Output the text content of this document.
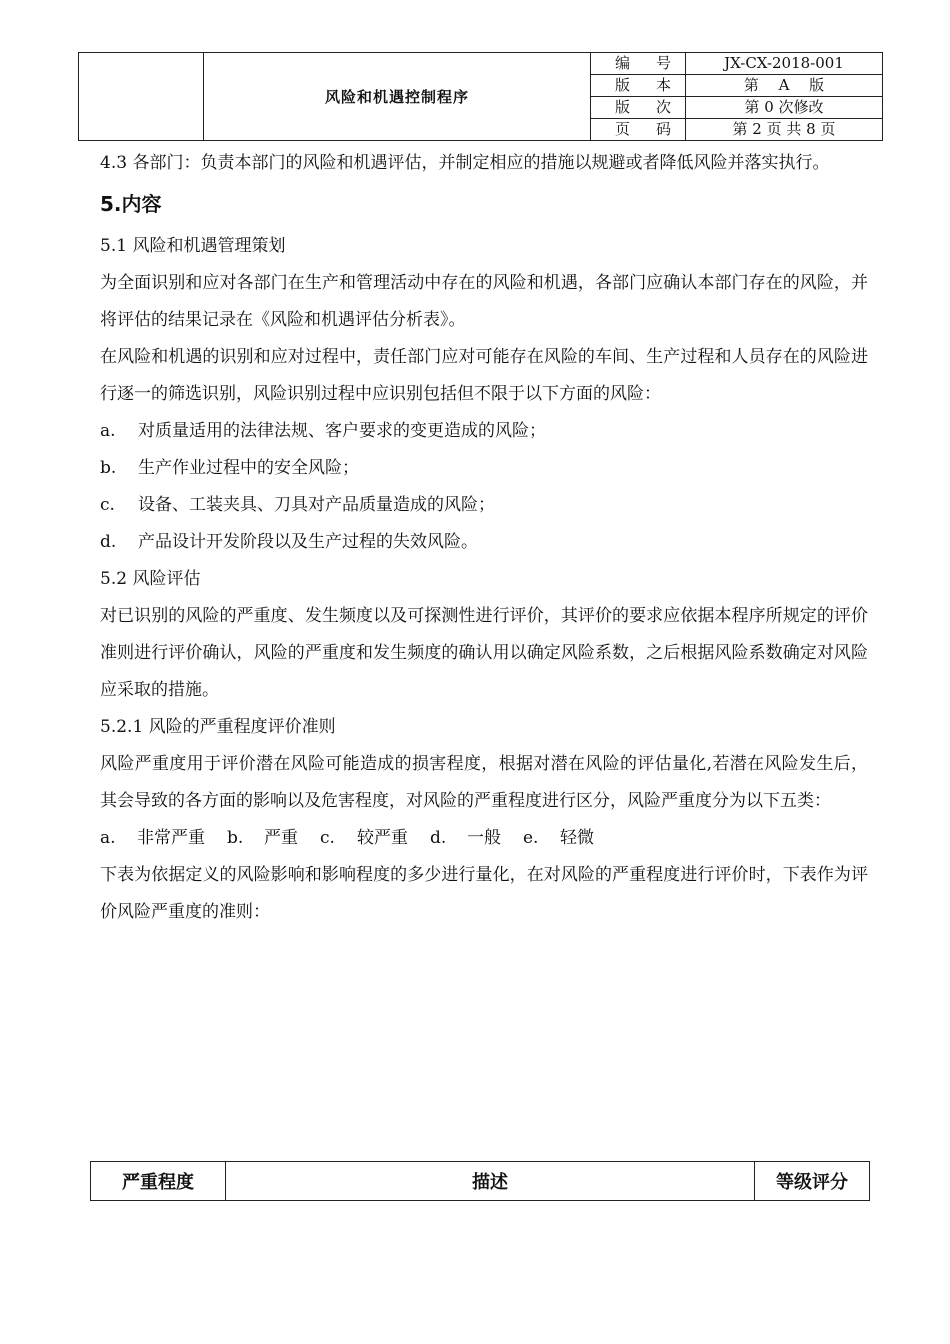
	风险和机遇控制程序	编 号	JX-CX-2018-001

版 本	第　 A　 版

版 次	第 0 次修改

页 码	第 2 页 共 8 页

4.3 各部门：负责本部门的风险和机遇评估，并制定相应的措施以规避或者降低风险并落实执行。

5.内容

5.1 风险和机遇管理策划

为全面识别和应对各部门在生产和管理活动中存在的风险和机遇，各部门应确认本部门存在的风险，并将评估的结果记录在《风险和机遇评估分析表》。

在风险和机遇的识别和应对过程中，责任部门应对可能存在风险的车间、生产过程和人员存在的风险进行逐一的筛选识别，风险识别过程中应识别包括但不限于以下方面的风险：

a.	对质量适用的法律法规、客户要求的变更造成的风险；
b.	生产作业过程中的安全风险；
c.	设备、工装夹具、刀具对产品质量造成的风险；
d.	产品设计开发阶段以及生产过程的失效风险。

5.2 风险评估

对已识别的风险的严重度、发生频度以及可探测性进行评价，其评价的要求应依据本程序所规定的评价准则进行评价确认，风险的严重度和发生频度的确认用以确定风险系数，之后根据风险系数确定对风险应采取的措施。

5.2.1 风险的严重程度评价准则

风险严重度用于评价潜在风险可能造成的损害程度，根据对潜在风险的评估量化,若潜在风险发生后，其会导致的各方面的影响以及危害程度，对风险的严重程度进行区分，风险严重度分为以下五类：

a.	非常严重 b.	严重 c.	较严重 d.	一般 e.	轻微

下表为依据定义的风险影响和影响程度的多少进行量化，在对风险的严重程度进行评价时，下表作为评价风险严重度的准则：

严重程度	描述	等级评分
